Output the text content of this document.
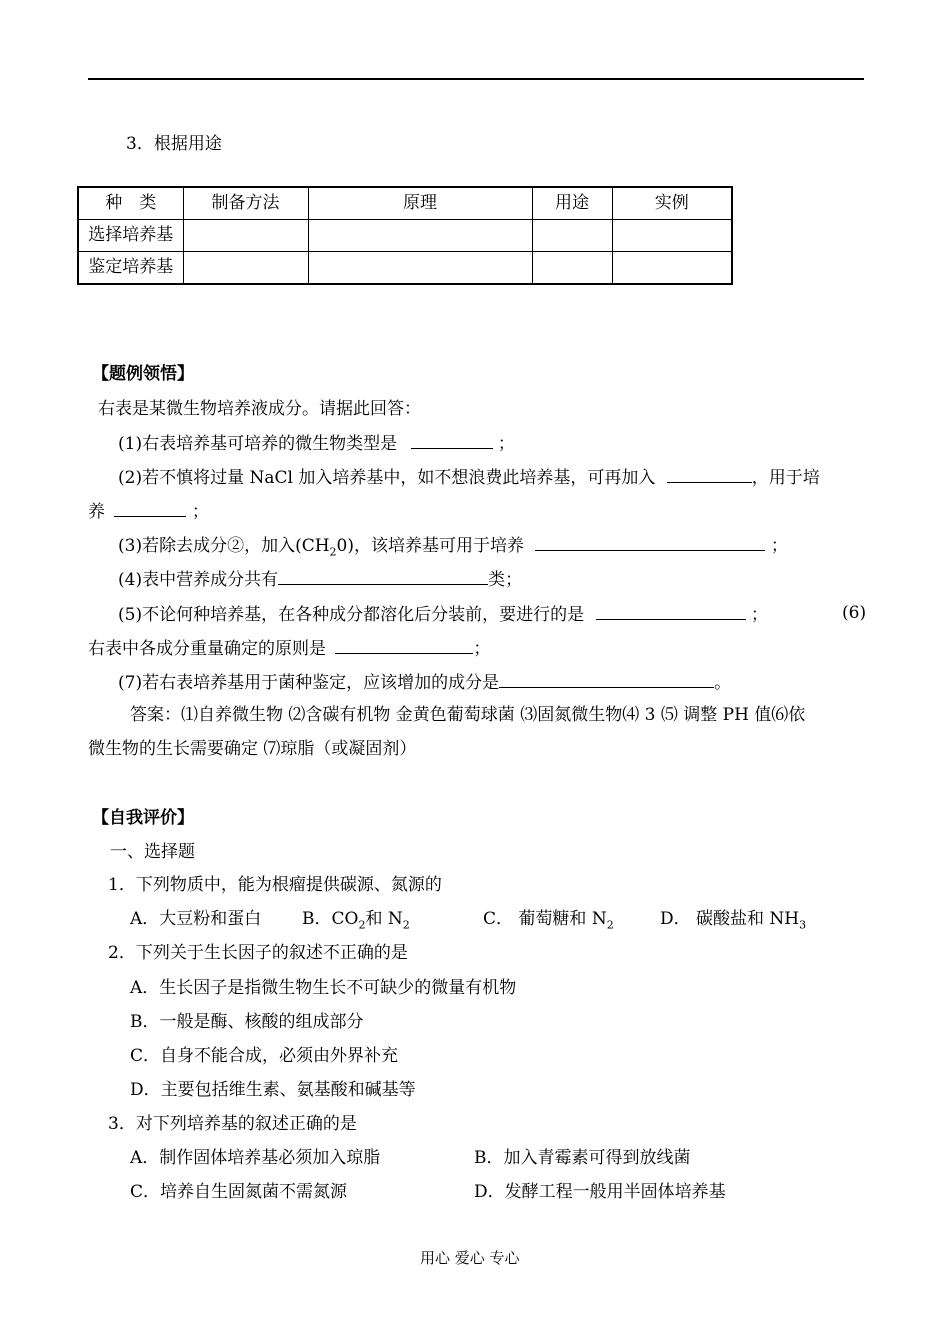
3．根据用途
种　类	制备方法	原理	用途	实例
选择培养基				
鉴定培养基				
【题例领悟】
右表是某微生物培养液成分。请据此回答：
(1)右表培养基可培养的微生物类型是	；
(2)若不慎将过量 NaCl 加入培养基中，如不想浪费此培养基，可再加入	，用于培
养	；
(3)若除去成分②，加入$(CH_20)$，该培养基可用于培养	；
(4)表中营养成分共有	类；
(5)不论何种培养基，在各种成分都溶化后分装前，要进行的是	；	(6)
右表中各成分重量确定的原则是	；
(7)若右表培养基用于菌种鉴定，应该增加的成分是	。
答案：⑴自养微生物 ⑵含碳有机物 金黄色葡萄球菌 ⑶固氮微生物⑷ 3 ⑸ 调整 PH 值⑹依
微生物的生长需要确定 ⑺琼脂（或凝固剂）
【自我评价】
一、选择题
1．下列物质中，能为根瘤提供碳源、氮源的
A．大豆粉和蛋白 B．$CO_2$和 $N_2$	C． 葡萄糖和 $N_2$	D． 碳酸盐和 $NH_3$
2．下列关于生长因子的叙述不正确的是
A．生长因子是指微生物生长不可缺少的微量有机物
B．一般是酶、核酸的组成部分
C．自身不能合成，必须由外界补充
D．主要包括维生素、氨基酸和碱基等
3．对下列培养基的叙述正确的是
A．制作固体培养基必须加入琼脂	B．加入青霉素可得到放线菌
C．培养自生固氮菌不需氮源	D．发酵工程一般用半固体培养基
用心 爱心 专心
